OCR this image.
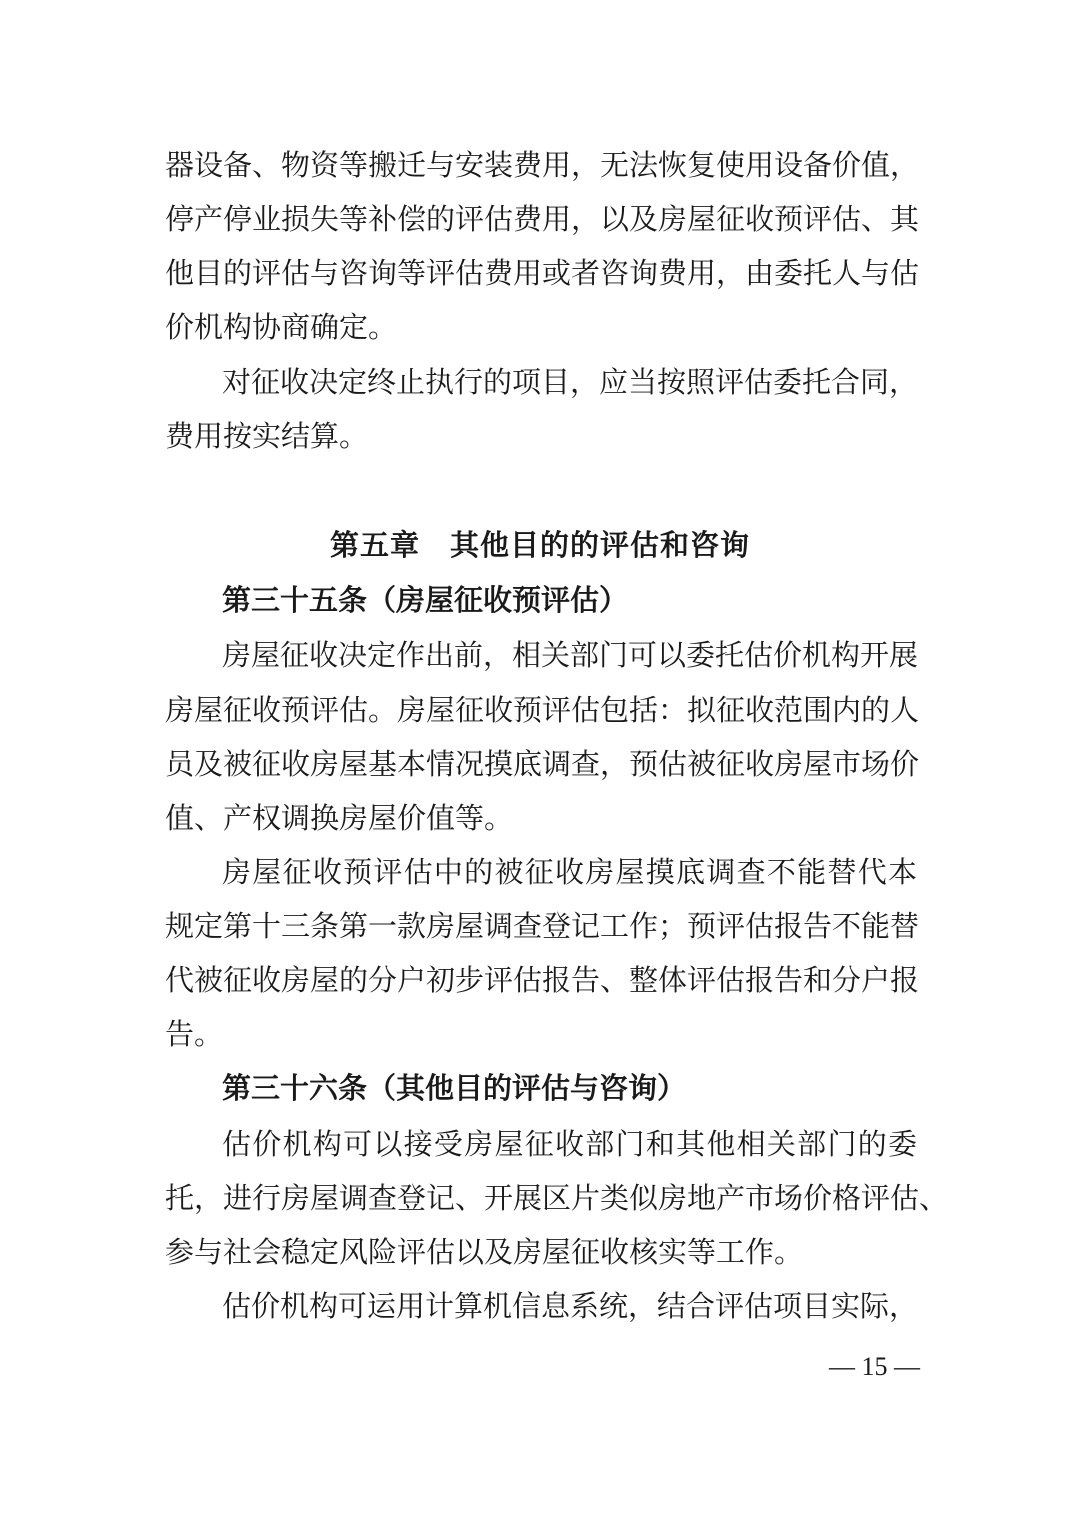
器设备、物资等搬迁与安装费用，无法恢复使用设备价值，
停产停业损失等补偿的评估费用，以及房屋征收预评估、其
他目的评估与咨询等评估费用或者咨询费用，由委托人与估
价机构协商确定。
对征收决定终止执行的项目，应当按照评估委托合同，
费用按实结算。
第五章　其他目的的评估和咨询
第三十五条（房屋征收预评估）
房屋征收决定作出前，相关部门可以委托估价机构开展
房屋征收预评估。房屋征收预评估包括：拟征收范围内的人
员及被征收房屋基本情况摸底调查，预估被征收房屋市场价
值、产权调换房屋价值等。
房屋征收预评估中的被征收房屋摸底调查不能替代本
规定第十三条第一款房屋调查登记工作；预评估报告不能替
代被征收房屋的分户初步评估报告、整体评估报告和分户报
告。
第三十六条（其他目的评估与咨询）
估价机构可以接受房屋征收部门和其他相关部门的委
托，进行房屋调查登记、开展区片类似房地产市场价格评估、
参与社会稳定风险评估以及房屋征收核实等工作。
估价机构可运用计算机信息系统，结合评估项目实际，
— 15 —
